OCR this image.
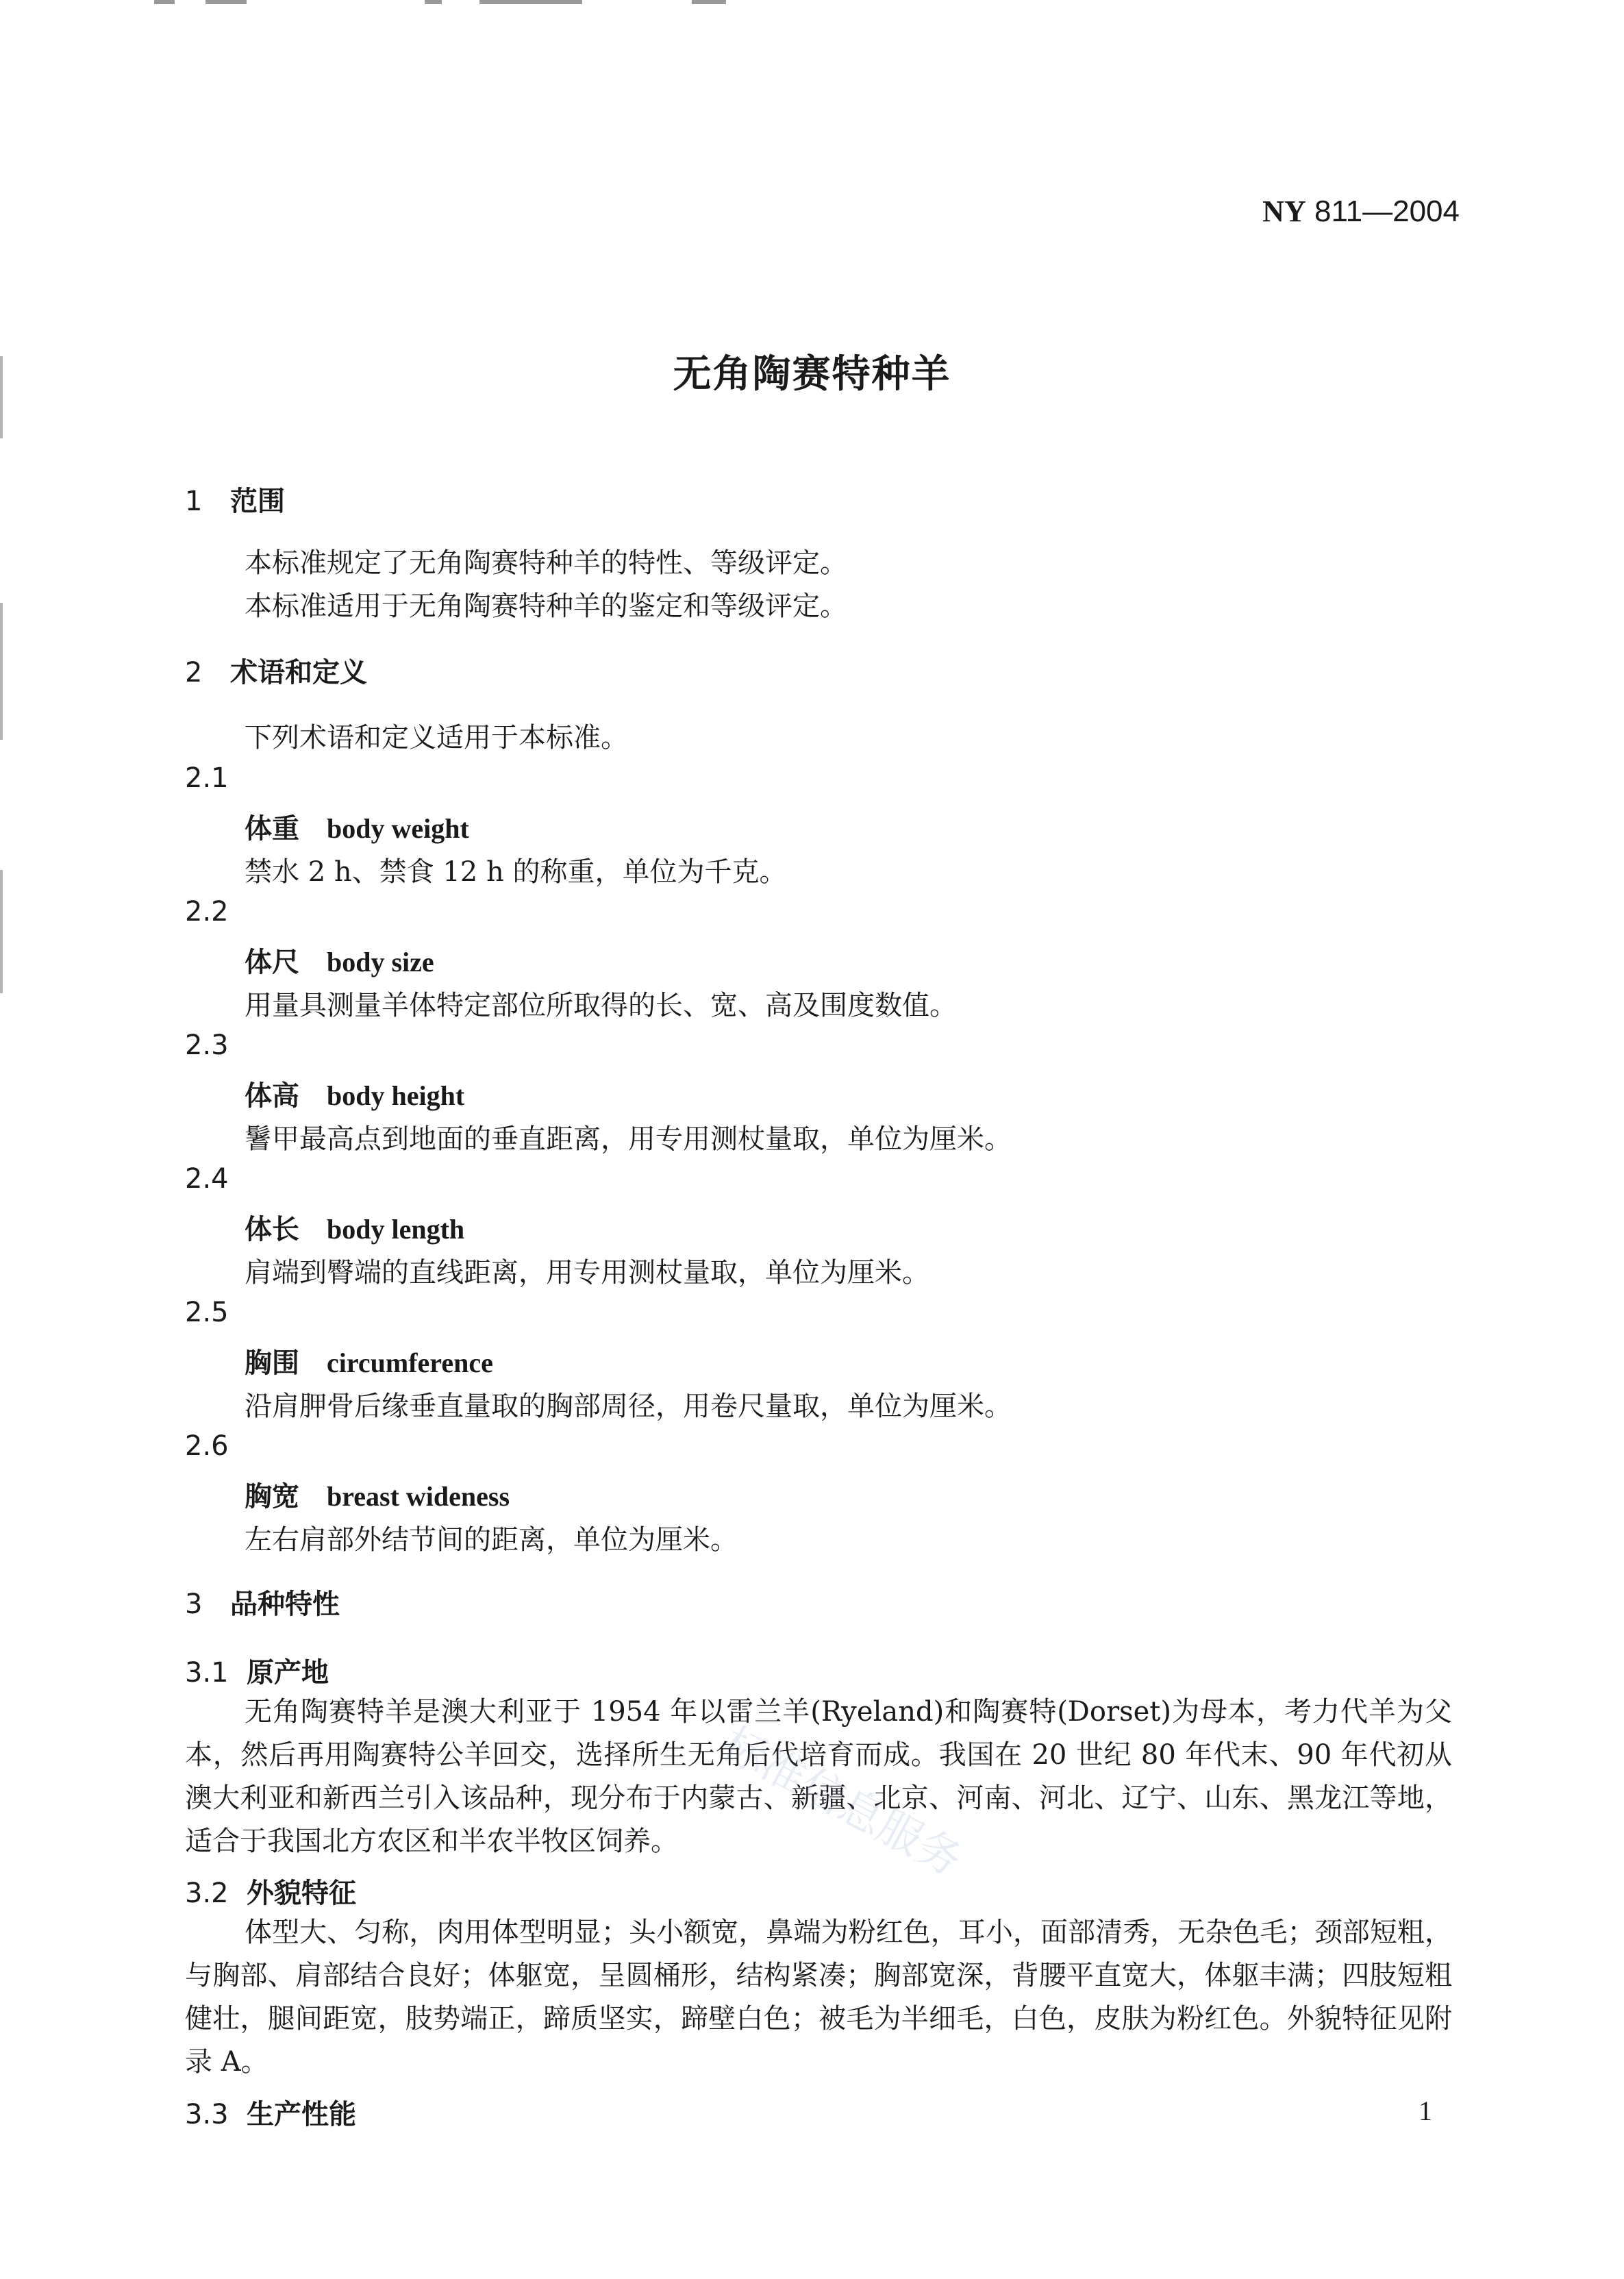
NY 811—2004
无角陶赛特种羊
1 范围
本标准规定了无角陶赛特种羊的特性、等级评定。
本标准适用于无角陶赛特种羊的鉴定和等级评定。
2 术语和定义
下列术语和定义适用于本标准。
2.1
体重 body weight
禁水 2 h、禁食 12 h 的称重，单位为千克。
2.2
体尺 body size
用量具测量羊体特定部位所取得的长、宽、高及围度数值。
2.3
体高 body height
鬐甲最高点到地面的垂直距离，用专用测杖量取，单位为厘米。
2.4
体长 body length
肩端到臀端的直线距离，用专用测杖量取，单位为厘米。
2.5
胸围 circumference
沿肩胛骨后缘垂直量取的胸部周径，用卷尺量取，单位为厘米。
2.6
胸宽 breast wideness
左右肩部外结节间的距离，单位为厘米。
3 品种特性
3.1 原产地
无角陶赛特羊是澳大利亚于 1954 年以雷兰羊(Ryeland)和陶赛特(Dorset)为母本，考力代羊为父本，然后再用陶赛特公羊回交，选择所生无角后代培育而成。我国在 20 世纪 80 年代末、90 年代初从澳大利亚和新西兰引入该品种，现分布于内蒙古、新疆、北京、河南、河北、辽宁、山东、黑龙江等地，适合于我国北方农区和半农半牧区饲养。
3.2 外貌特征
体型大、匀称，肉用体型明显；头小额宽，鼻端为粉红色，耳小，面部清秀，无杂色毛；颈部短粗，与胸部、肩部结合良好；体躯宽，呈圆桶形，结构紧凑；胸部宽深，背腰平直宽大，体躯丰满；四肢短粗健壮，腿间距宽，肢势端正，蹄质坚实，蹄壁白色；被毛为半细毛，白色，皮肤为粉红色。外貌特征见附录 A。
3.3 生产性能
标准信息服务
1
